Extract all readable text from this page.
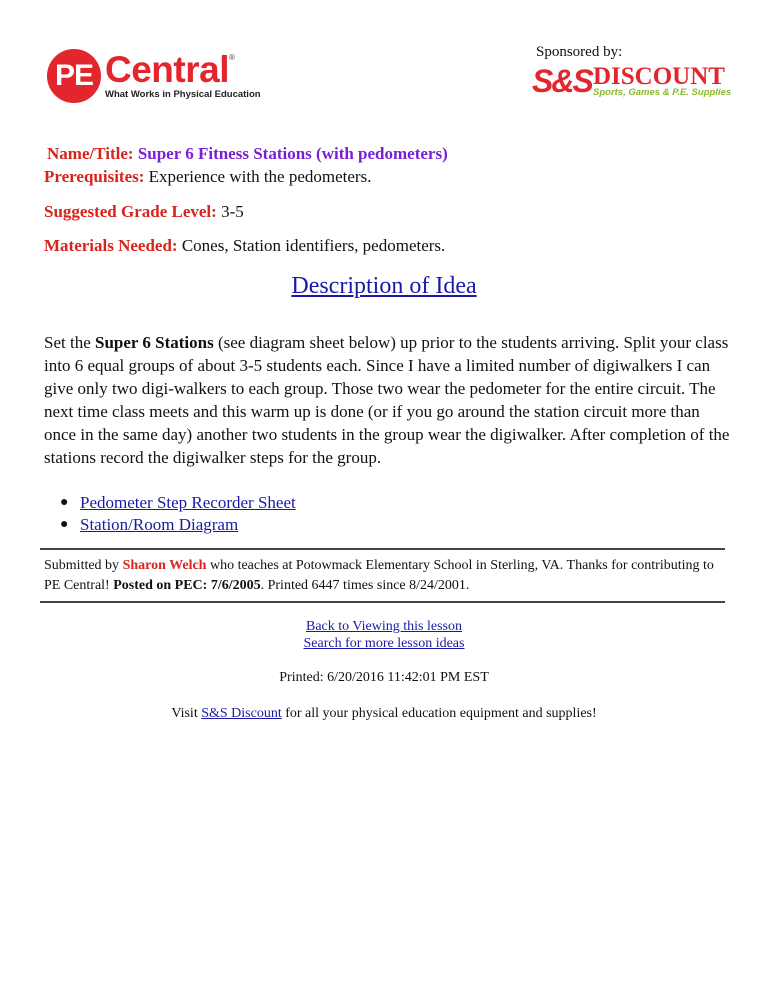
PE Central ®
What Works in Physical Education
Sponsored by:
S&S DISCOUNT
Sports, Games & P.E. Supplies
Name/Title: Super 6 Fitness Stations (with pedometers)
Prerequisites: Experience with the pedometers.
Suggested Grade Level: 3-5
Materials Needed: Cones, Station identifiers, pedometers.
Description of Idea

Set the Super 6 Stations (see diagram sheet below) up prior to the students arriving. Split your class into 6 equal groups of about 3-5 students each. Since I have a limited number of digiwalkers I can give only two digi-walkers to each group. Those two wear the pedometer for the entire circuit. The next time class meets and this warm up is done (or if you go around the station circuit more than once in the same day) another two students in the group wear the digiwalker. After completion of the stations record the digiwalker steps for the group.

● Pedometer Step Recorder Sheet
● Station/Room Diagram
Submitted by Sharon Welch who teaches at Potowmack Elementary School in Sterling, VA. Thanks for contributing to PE Central! Posted on PEC: 7/6/2005. Printed 6447 times since 8/24/2001.
Back to Viewing this lesson
Search for more lesson ideas
Printed: 6/20/2016 11:42:01 PM EST
Visit S&S Discount for all your physical education equipment and supplies!
